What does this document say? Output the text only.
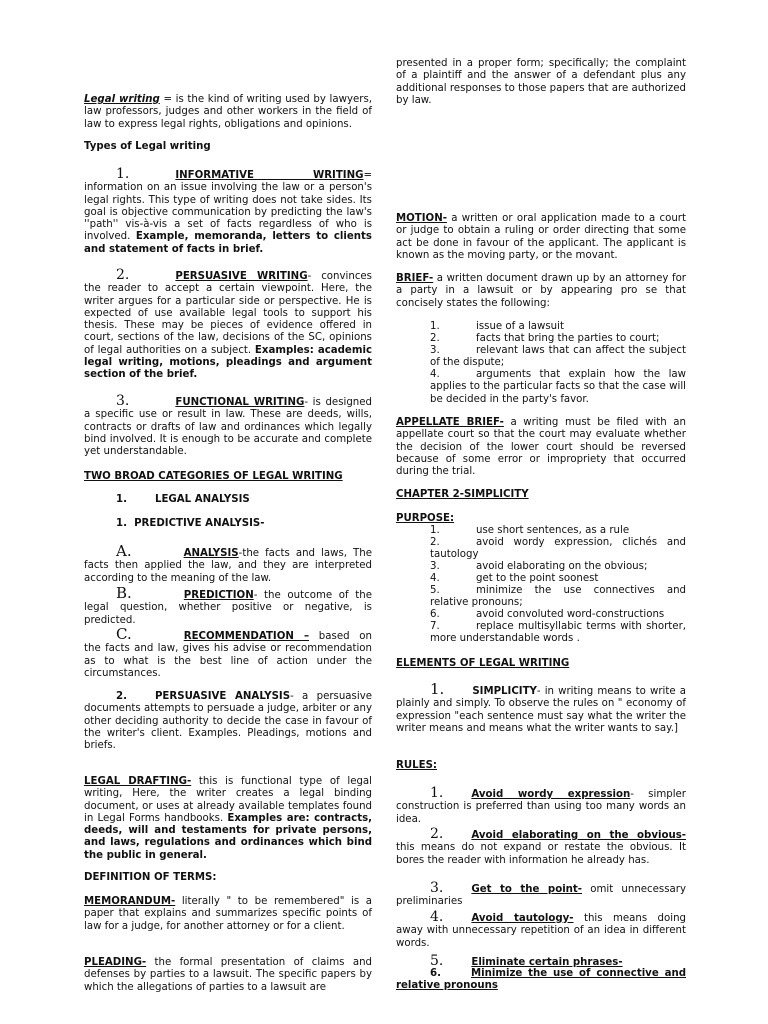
Legal writing = is the kind of writing used by lawyers, law professors, judges and other workers in the field of law to express legal rights, obligations and opinions.

Types of Legal writing

1.	INFORMATIVE WRITING= information on an issue involving the law or a person's legal rights. This type of writing does not take sides. Its goal is objective communication by predicting the law's ''path'' vis-à-vis a set of facts regardless of who is involved. Example, memoranda, letters to clients and statement of facts in brief.

2.	PERSUASIVE WRITING- convinces the reader to accept a certain viewpoint. Here, the writer argues for a particular side or perspective. He is expected of use available legal tools to support his thesis. These may be pieces of evidence offered in court, sections of the law, decisions of the SC, opinions of legal authorities on a subject. Examples: academic legal writing, motions, pleadings and argument section of the brief.

3.	FUNCTIONAL WRITING- is designed a specific use or result in law. These are deeds, wills, contracts or drafts of law and ordinances which legally bind involved. It is enough to be accurate and complete yet understandable.

TWO BROAD CATEGORIES OF LEGAL WRITING

1.	LEGAL ANALYSIS

1. PREDICTIVE ANALYSIS-

A.	ANALYSIS-the facts and laws, The facts then applied the law, and they are interpreted according to the meaning of the law.

B.	PREDICTION- the outcome of the legal question, whether positive or negative, is predicted.

C.	RECOMMENDATION – based on the facts and law, gives his advise or recommendation as to what is the best line of action under the circumstances.

2.	PERSUASIVE ANALYSIS- a persuasive documents attempts to persuade a judge, arbiter or any other deciding authority to decide the case in favour of the writer's client. Examples. Pleadings, motions and briefs.

LEGAL DRAFTING- this is functional type of legal writing, Here, the writer creates a legal binding document, or uses at already available templates found in Legal Forms handbooks. Examples are: contracts, deeds, will and testaments for private persons, and laws, regulations and ordinances which bind the public in general.

DEFINITION OF TERMS:

MEMORANDUM- literally " to be remembered" is a paper that explains and summarizes specific points of law for a judge, for another attorney or for a client.

PLEADING- the formal presentation of claims and defenses by parties to a lawsuit. The specific papers by which the allegations of parties to a lawsuit are

presented in a proper form; specifically; the complaint of a plaintiff and the answer of a defendant plus any additional responses to those papers that are authorized by law.

MOTION- a written or oral application made to a court or judge to obtain a ruling or order directing that some act be done in favour of the applicant. The applicant is known as the moving party, or the movant.

BRIEF- a written document drawn up by an attorney for a party in a lawsuit or by appearing pro se that concisely states the following:

1.	issue of a lawsuit
2.	facts that bring the parties to court;
3.	relevant laws that can affect the subject of the dispute;
4.	arguments that explain how the law applies to the particular facts so that the case will be decided in the party's favor.

APPELLATE BRIEF- a writing must be filed with an appellate court so that the court may evaluate whether the decision of the lower court should be reversed because of some error or impropriety that occurred during the trial.

CHAPTER 2-SIMPLICITY

PURPOSE:

1.	use short sentences, as a rule
2.	avoid wordy expression, clichés and tautology
3.	avoid elaborating on the obvious;
4.	get to the point soonest
5.	minimize the use connectives and relative pronouns;
6.	avoid convoluted word-constructions
7.	replace multisyllabic terms with shorter, more understandable words .

ELEMENTS OF LEGAL WRITING

1.	SIMPLICITY- in writing means to write a plainly and simply. To observe the rules on " economy of expression "each sentence must say what the writer the writer means and means what the writer wants to say.]

RULES:

1.	Avoid wordy expression- simpler construction is preferred than using too many words an idea.

2.	Avoid elaborating on the obvious- this means do not expand or restate the obvious. It bores the reader with information he already has.

3.	Get to the point- omit unnecessary preliminaries

4.	Avoid tautology- this means doing away with unnecessary repetition of an idea in different words.

5.	Eliminate certain phrases-

6.	Minimize the use of connective and relative pronouns
